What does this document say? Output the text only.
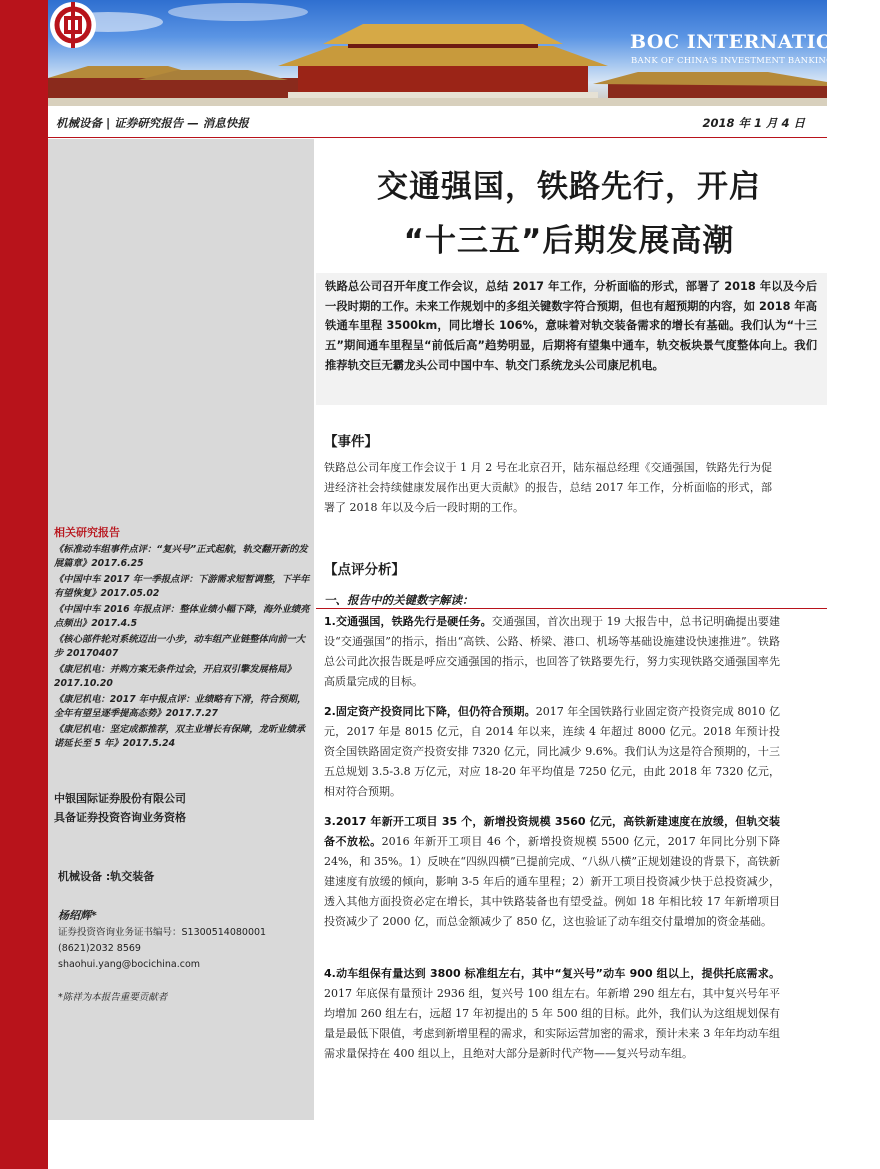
BOC INTERNATIONAL
BANK OF CHINA'S INVESTMENT BANKING GROUP
机械设备 | 证券研究报告 — 消息快报	2018 年 1 月 4 日
相关研究报告
《标准动车组事件点评：“复兴号”正式起航，轨交翻开新的发展篇章》2017.6.25
《中国中车 2017 年一季报点评：下游需求短暂调整，下半年有望恢复》2017.05.02
《中国中车 2016 年报点评：整体业绩小幅下降，海外业绩亮点频出》2017.4.5
《核心部件轮对系统迈出一小步，动车组产业链整体向前一大步 20170407
《康尼机电：并购方案无条件过会，开启双引擎发展格局》2017.10.20
《康尼机电：2017 年中报点评：业绩略有下滑，符合预期，全年有望呈逐季提高态势》2017.7.27
《康尼机电：坚定成都推荐，双主业增长有保障，龙昕业绩承诺延长至 5 年》2017.5.24
中银国际证券股份有限公司
具备证券投资咨询业务资格
机械设备 :轨交装备
杨绍辉*
证券投资咨询业务证书编号：S1300514080001
(8621)2032 8569
shaohui.yang@bocichina.com
*陈祥为本报告重要贡献者
交通强国，铁路先行，开启
“十三五”后期发展高潮
铁路总公司召开年度工作会议，总结 2017 年工作，分析面临的形式，部署了 2018 年以及今后一段时期的工作。未来工作规划中的多组关键数字符合预期，但也有超预期的内容，如 2018 年高铁通车里程 3500km，同比增长 106%，意味着对轨交装备需求的增长有基础。我们认为“十三五”期间通车里程呈“前低后高”趋势明显，后期将有望集中通车，轨交板块景气度整体向上。我们推荐轨交巨无霸龙头公司中国中车、轨交门系统龙头公司康尼机电。
【事件】
铁路总公司年度工作会议于 1 月 2 号在北京召开，陆东福总经理《交通强国，铁路先行为促进经济社会持续健康发展作出更大贡献》的报告，总结 2017 年工作，分析面临的形式，部署了 2018 年以及今后一段时期的工作。
【点评分析】
一、报告中的关键数字解读：
1.交通强国，铁路先行是硬任务。交通强国，首次出现于 19 大报告中，总书记明确提出要建设“交通强国”的指示，指出“高铁、公路、桥梁、港口、机场等基础设施建设快速推进”。铁路总公司此次报告既是呼应交通强国的指示，也回答了铁路要先行，努力实现铁路交通强国率先高质量完成的目标。
2.固定资产投资同比下降，但仍符合预期。2017 年全国铁路行业固定资产投资完成 8010 亿元，2017 年是 8015 亿元，自 2014 年以来，连续 4 年超过 8000 亿元。2018 年预计投资全国铁路固定资产投资安排 7320 亿元，同比减少 9.6%。我们认为这是符合预期的，十三五总规划 3.5-3.8 万亿元，对应 18-20 年平均值是 7250 亿元，由此 2018 年 7320 亿元，相对符合预期。
3.2017 年新开工项目 35 个，新增投资规模 3560 亿元，高铁新建速度在放缓，但轨交装备不放松。2016 年新开工项目 46 个，新增投资规模 5500 亿元，2017 年同比分别下降 24%，和 35%。1）反映在“四纵四横”已提前完成、“八纵八横”正规划建设的背景下，高铁新建速度有放缓的倾向，影响 3-5 年后的通车里程；2）新开工项目投资减少快于总投资减少，透入其他方面投资必定在增长，其中铁路装备也有望受益。例如 18 年相比较 17 年新增项目投资减少了 2000 亿，而总金额减少了 850 亿，这也验证了动车组交付量增加的资金基础。
4.动车组保有量达到 3800 标准组左右，其中“复兴号”动车 900 组以上，提供托底需求。2017 年底保有量预计 2936 组，复兴号 100 组左右。年新增 290 组左右，其中复兴号年平均增加 260 组左右，远超 17 年初提出的 5 年 500 组的目标。此外，我们认为这组规划保有量是最低下限值，考虑到新增里程的需求，和实际运营加密的需求，预计未来 3 年年均动车组需求量保持在 400 组以上，且绝对大部分是新时代产物——复兴号动车组。
